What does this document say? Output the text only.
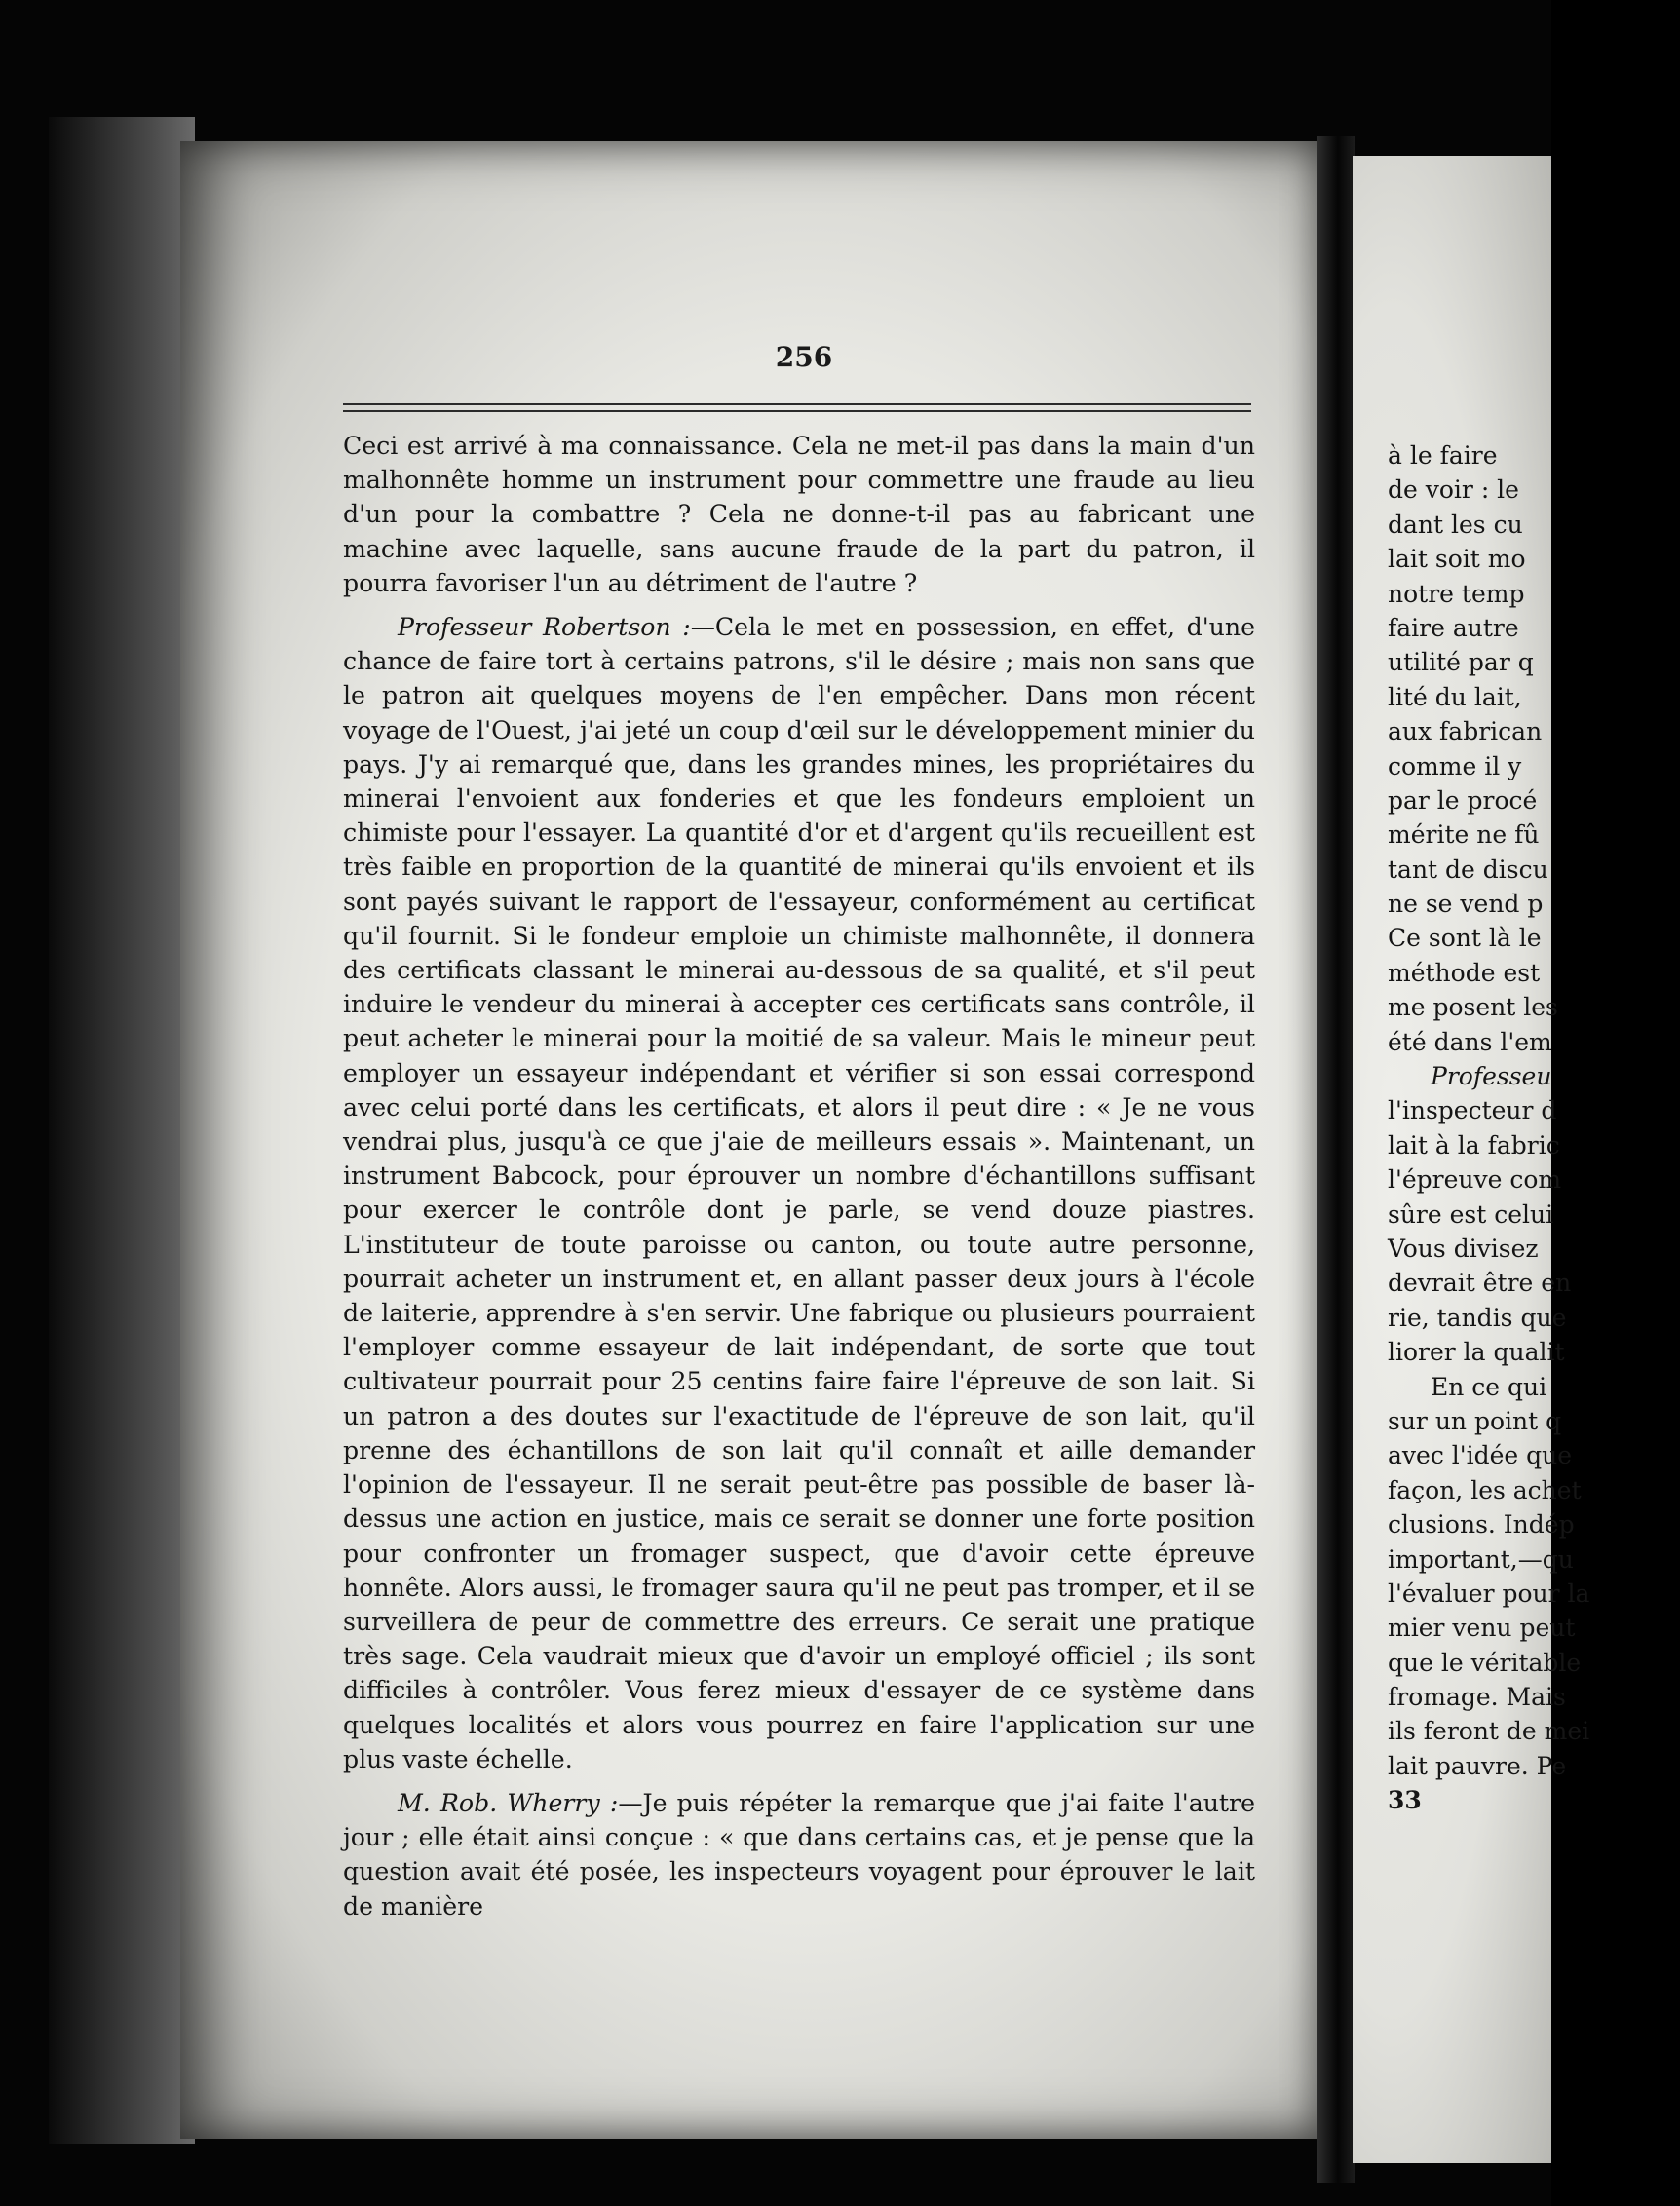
256

Ceci est arrivé à ma connaissance. Cela ne met-il pas dans la main d'un malhonnête homme un instrument pour commettre une fraude au lieu d'un pour la combattre ? Cela ne donne-t-il pas au fabricant une machine avec laquelle, sans aucune fraude de la part du patron, il pourra favoriser l'un au détriment de l'autre ?

Professeur Robertson :—Cela le met en possession, en effet, d'une chance de faire tort à certains patrons, s'il le désire ; mais non sans que le patron ait quelques moyens de l'en empêcher. Dans mon récent voyage de l'Ouest, j'ai jeté un coup d'œil sur le développement minier du pays. J'y ai remarqué que, dans les grandes mines, les propriétaires du minerai l'envoient aux fonderies et que les fondeurs emploient un chimiste pour l'essayer. La quantité d'or et d'argent qu'ils recueillent est très faible en proportion de la quantité de minerai qu'ils envoient et ils sont payés suivant le rapport de l'essayeur, conformément au certificat qu'il fournit. Si le fondeur emploie un chimiste malhonnête, il donnera des certificats classant le minerai au-dessous de sa qualité, et s'il peut induire le vendeur du minerai à accepter ces certificats sans contrôle, il peut acheter le minerai pour la moitié de sa valeur. Mais le mineur peut employer un essayeur indépendant et vérifier si son essai correspond avec celui porté dans les certificats, et alors il peut dire : « Je ne vous vendrai plus, jusqu'à ce que j'aie de meilleurs essais ». Maintenant, un instrument Babcock, pour éprouver un nombre d'échantillons suffisant pour exercer le contrôle dont je parle, se vend douze piastres. L'instituteur de toute paroisse ou canton, ou toute autre personne, pourrait acheter un instrument et, en allant passer deux jours à l'école de laiterie, apprendre à s'en servir. Une fabrique ou plusieurs pourraient l'employer comme essayeur de lait indépendant, de sorte que tout cultivateur pourrait pour 25 centins faire faire l'épreuve de son lait. Si un patron a des doutes sur l'exactitude de l'épreuve de son lait, qu'il prenne des échantillons de son lait qu'il connaît et aille demander l'opinion de l'essayeur. Il ne serait peut-être pas possible de baser là-dessus une action en justice, mais ce serait se donner une forte position pour confronter un fromager suspect, que d'avoir cette épreuve honnête. Alors aussi, le fromager saura qu'il ne peut pas tromper, et il se surveillera de peur de commettre des erreurs. Ce serait une pratique très sage. Cela vaudrait mieux que d'avoir un employé officiel ; ils sont difficiles à contrôler. Vous ferez mieux d'essayer de ce système dans quelques localités et alors vous pourrez en faire l'application sur une plus vaste échelle.

M. Rob. Wherry :—Je puis répéter la remarque que j'ai faite l'autre jour ; elle était ainsi conçue : « que dans certains cas, et je pense que la question avait été posée, les inspecteurs voyagent pour éprouver le lait de manière

à le faire
de voir : le
dant les cu
lait soit mo
notre temp
faire autre
utilité par q
lité du lait,
aux fabrican
comme il y
par le procé
mérite ne fû
tant de discu
ne se vend p
Ce sont là le
méthode est
me posent les
été dans l'em
Professeu
l'inspecteur d
lait à la fabric
l'épreuve com
sûre est celui
Vous divisez
devrait être en
rie, tandis que
liorer la qualit
En ce qui
sur un point q
avec l'idée que
façon, les achet
clusions. Indép
important,—qu
l'évaluer pour la
mier venu peut
que le véritable
fromage. Mais
ils feront de mei
lait pauvre. Pe
33
